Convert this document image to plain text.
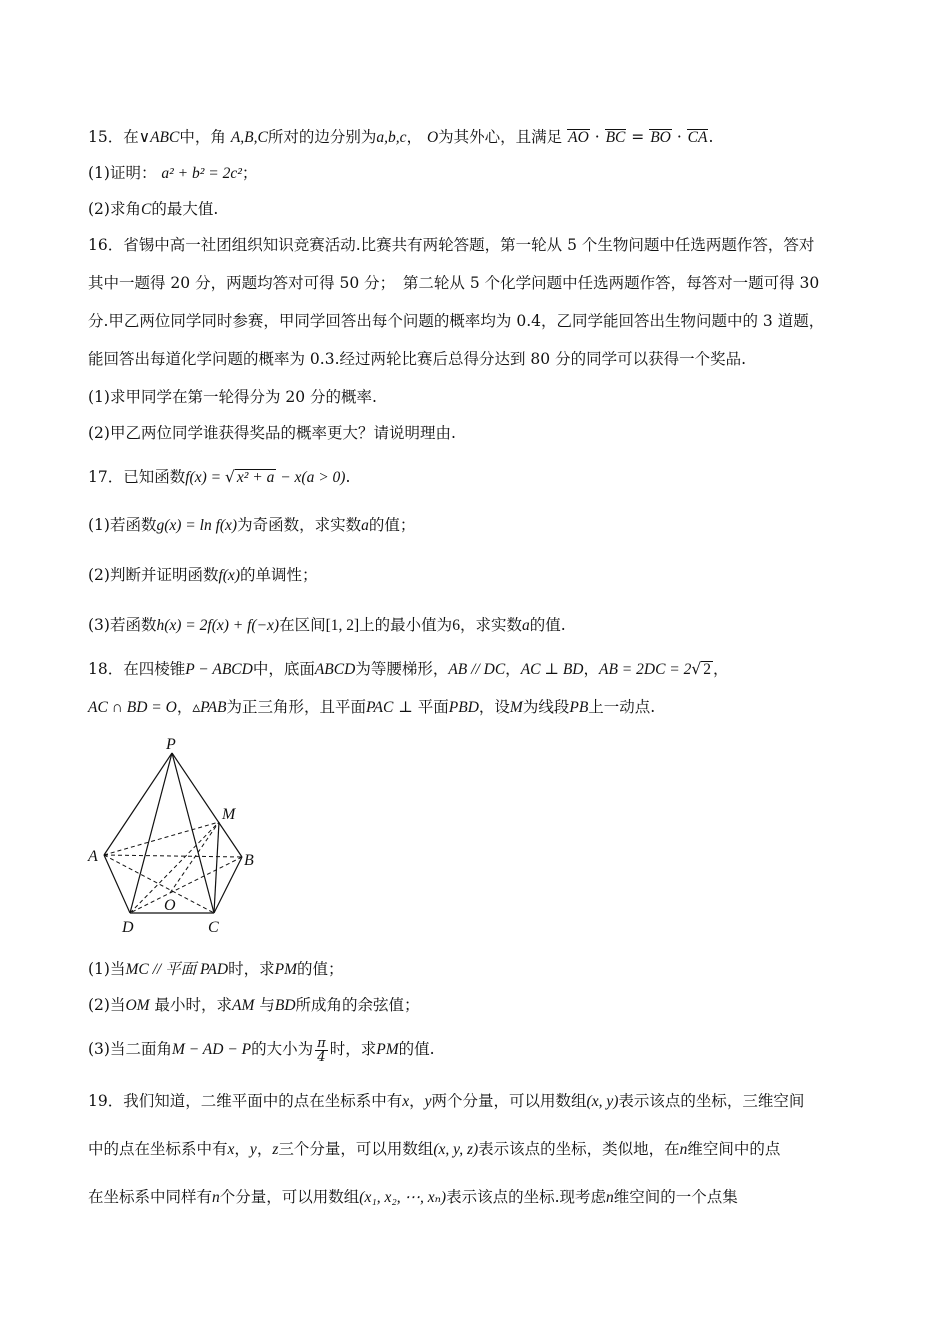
15．在∨ABC中，角 A,B,C所对的边分别为a,b,c， O为其外心，且满足 AO · BC = BO · CA.
(1)证明： a² + b² = 2c²；
(2)求角C的最大值.
16．省锡中高一社团组织知识竞赛活动.比赛共有两轮答题，第一轮从 5 个生物问题中任选两题作答，答对
其中一题得 20 分，两题均答对可得 50 分；　第二轮从 5 个化学问题中任选两题作答，每答对一题可得 30
分.甲乙两位同学同时参赛，甲同学回答出每个问题的概率均为 0.4，乙同学能回答出生物问题中的 3 道题，
能回答出每道化学问题的概率为 0.3.经过两轮比赛后总得分达到 80 分的同学可以获得一个奖品.
(1)求甲同学在第一轮得分为 20 分的概率.
(2)甲乙两位同学谁获得奖品的概率更大？请说明理由.
17．已知函数f(x) = √ x² + a − x(a > 0).
(1)若函数g(x) = ln f(x)为奇函数，求实数a的值；
(2)判断并证明函数f(x)的单调性；
(3)若函数h(x) = 2f(x) + f(−x)在区间[1, 2]上的最小值为6，求实数a的值.
18．在四棱锥P − ABCD中，底面ABCD为等腰梯形，AB // DC，AC ⊥ BD，AB = 2DC = 2√ 2 ，
AC ∩ BD = O，▵PAB为正三角形，且平面PAC ⊥ 平面PBD，设M为线段PB上一动点.
P
M
A	B
O
D	C
(1)当MC // 平面 PAD时，求PM的值；
(2)当OM 最小时，求AM 与BD所成角的余弦值；
(3)当二面角M − AD − P的大小为 $\frac{\pi}{4}$ 时，求PM的值.
19．我们知道，二维平面中的点在坐标系中有x，y两个分量，可以用数组(x, y)表示该点的坐标，三维空间
中的点在坐标系中有x，y，z三个分量，可以用数组(x, y, z)表示该点的坐标，类似地，在n维空间中的点
在坐标系中同样有n个分量，可以用数组(x₁, x₂, ⋯, xₙ)表示该点的坐标.现考虑n维空间的一个点集
